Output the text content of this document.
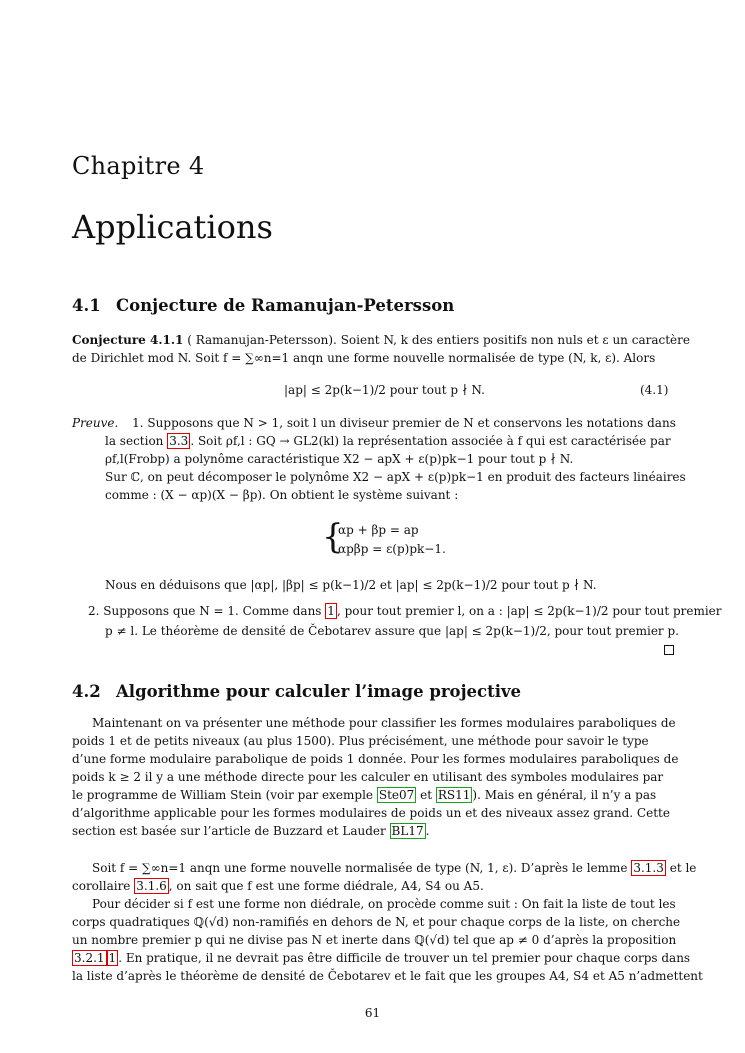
Chapitre 4
Applications
4.1 Conjecture de Ramanujan-Petersson
Conjecture 4.1.1 ( Ramanujan-Petersson). Soient N, k des entiers positifs non nuls et ε un caractère
de Dirichlet mod N. Soit f = ∑∞n=1 anqn une forme nouvelle normalisée de type (N, k, ε). Alors
|ap| ≤ 2p(k−1)/2 pour tout p ∤ N.	(4.1)
Preuve. 1. Supposons que N > 1, soit l un diviseur premier de N et conservons les notations dans
la section 3.3 . Soit ρf,l : GQ → GL2(kl) la représentation associée à f qui est caractérisée par
ρf,l(Frobp) a polynôme caractéristique X2 − apX + ε(p)pk−1 pour tout p ∤ N.
Sur ℂ, on peut décomposer le polynôme X2 − apX + ε(p)pk−1 en produit des facteurs linéaires
comme : (X − αp)(X − βp). On obtient le système suivant :
{
αp + βp = ap
αpβp = ε(p)pk−1.
Nous en déduisons que |αp|, |βp| ≤ p(k−1)/2 et |ap| ≤ 2p(k−1)/2 pour tout p ∤ N.
2. Supposons que N = 1. Comme dans 1 , pour tout premier l, on a : |ap| ≤ 2p(k−1)/2 pour tout premier
p ≠ l. Le théorème de densité de Čebotarev assure que |ap| ≤ 2p(k−1)/2, pour tout premier p.
4.2 Algorithme pour calculer l’image projective
Maintenant on va présenter une méthode pour classifier les formes modulaires paraboliques de
poids 1 et de petits niveaux (au plus 1500). Plus précisément, une méthode pour savoir le type
d’une forme modulaire parabolique de poids 1 donnée. Pour les formes modulaires paraboliques de
poids k ≥ 2 il y a une méthode directe pour les calculer en utilisant des symboles modulaires par
le programme de William Stein (voir par exemple Ste07 et RS11 ). Mais en général, il n’y a pas
d’algorithme applicable pour les formes modulaires de poids un et des niveaux assez grand. Cette
section est basée sur l’article de Buzzard et Lauder BL17 .
Soit f = ∑∞n=1 anqn une forme nouvelle normalisée de type (N, 1, ε). D’après le lemme 3.1.3 et le
corollaire 3.1.6 , on sait que f est une forme diédrale, A4, S4 ou A5.
Pour décider si f est une forme non diédrale, on procède comme suit : On fait la liste de tout les
corps quadratiques ℚ(√d) non-ramifiés en dehors de N, et pour chaque corps de la liste, on cherche
un nombre premier p qui ne divise pas N et inerte dans ℚ(√d) tel que ap ≠ 0 d’après la proposition
3.2.1 1 . En pratique, il ne devrait pas être difficile de trouver un tel premier pour chaque corps dans
la liste d’après le théorème de densité de Čebotarev et le fait que les groupes A4, S4 et A5 n’admettent
61
